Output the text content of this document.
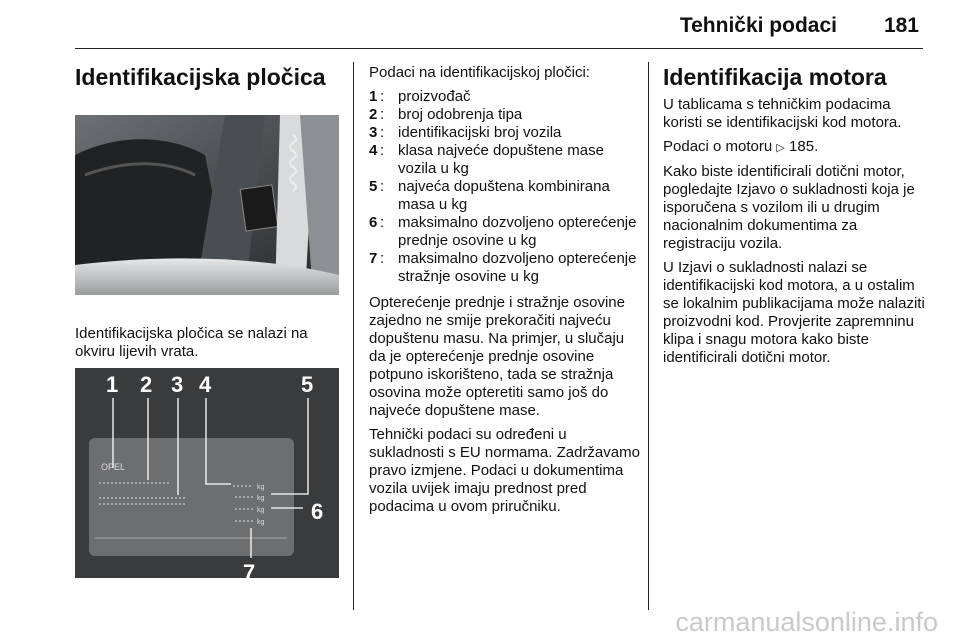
Tehnički podaci 181
Identifikacijska pločica

Identifikacijska pločica se nalazi na okviru lijevih vrata.

OPEL
kg
kg
kg
kg
1 2 3 4	5
6
7

Podaci na identifikacijskoj pločici:

1 : proizvođač
2 : broj odobrenja tipa
3 : identifikacijski broj vozila
4 : klasa najveće dopuštene mase vozila u kg
5 : najveća dopuštena kombinirana masa u kg
6 : maksimalno dozvoljeno opterećenje prednje osovine u kg
7 : maksimalno dozvoljeno opterećenje stražnje osovine u kg

Opterećenje prednje i stražnje osovine zajedno ne smije prekoračiti najveću dopuštenu masu. Na primjer, u slučaju da je opterećenje prednje osovine potpuno iskorišteno, tada se stražnja osovina može opteretiti samo još do najveće dopuštene mase.

Tehnički podaci su određeni u sukladnosti s EU normama. Zadržavamo pravo izmjene. Podaci u dokumentima vozila uvijek imaju prednost pred podacima u ovom priručniku.

Identifikacija motora

U tablicama s tehničkim podacima koristi se identifikacijski kod motora.

Podaci o motoru ▷ 185.

Kako biste identificirali dotični motor, pogledajte Izjavo o sukladnosti koja je isporučena s vozilom ili u drugim nacionalnim dokumentima za registraciju vozila.

U Izjavi o sukladnosti nalazi se identifikacijski kod motora, a u ostalim se lokalnim publikacijama može nalaziti proizvodni kod. Provjerite zapremninu klipa i snagu motora kako biste identificirali dotični motor.

carmanualsonline.info
